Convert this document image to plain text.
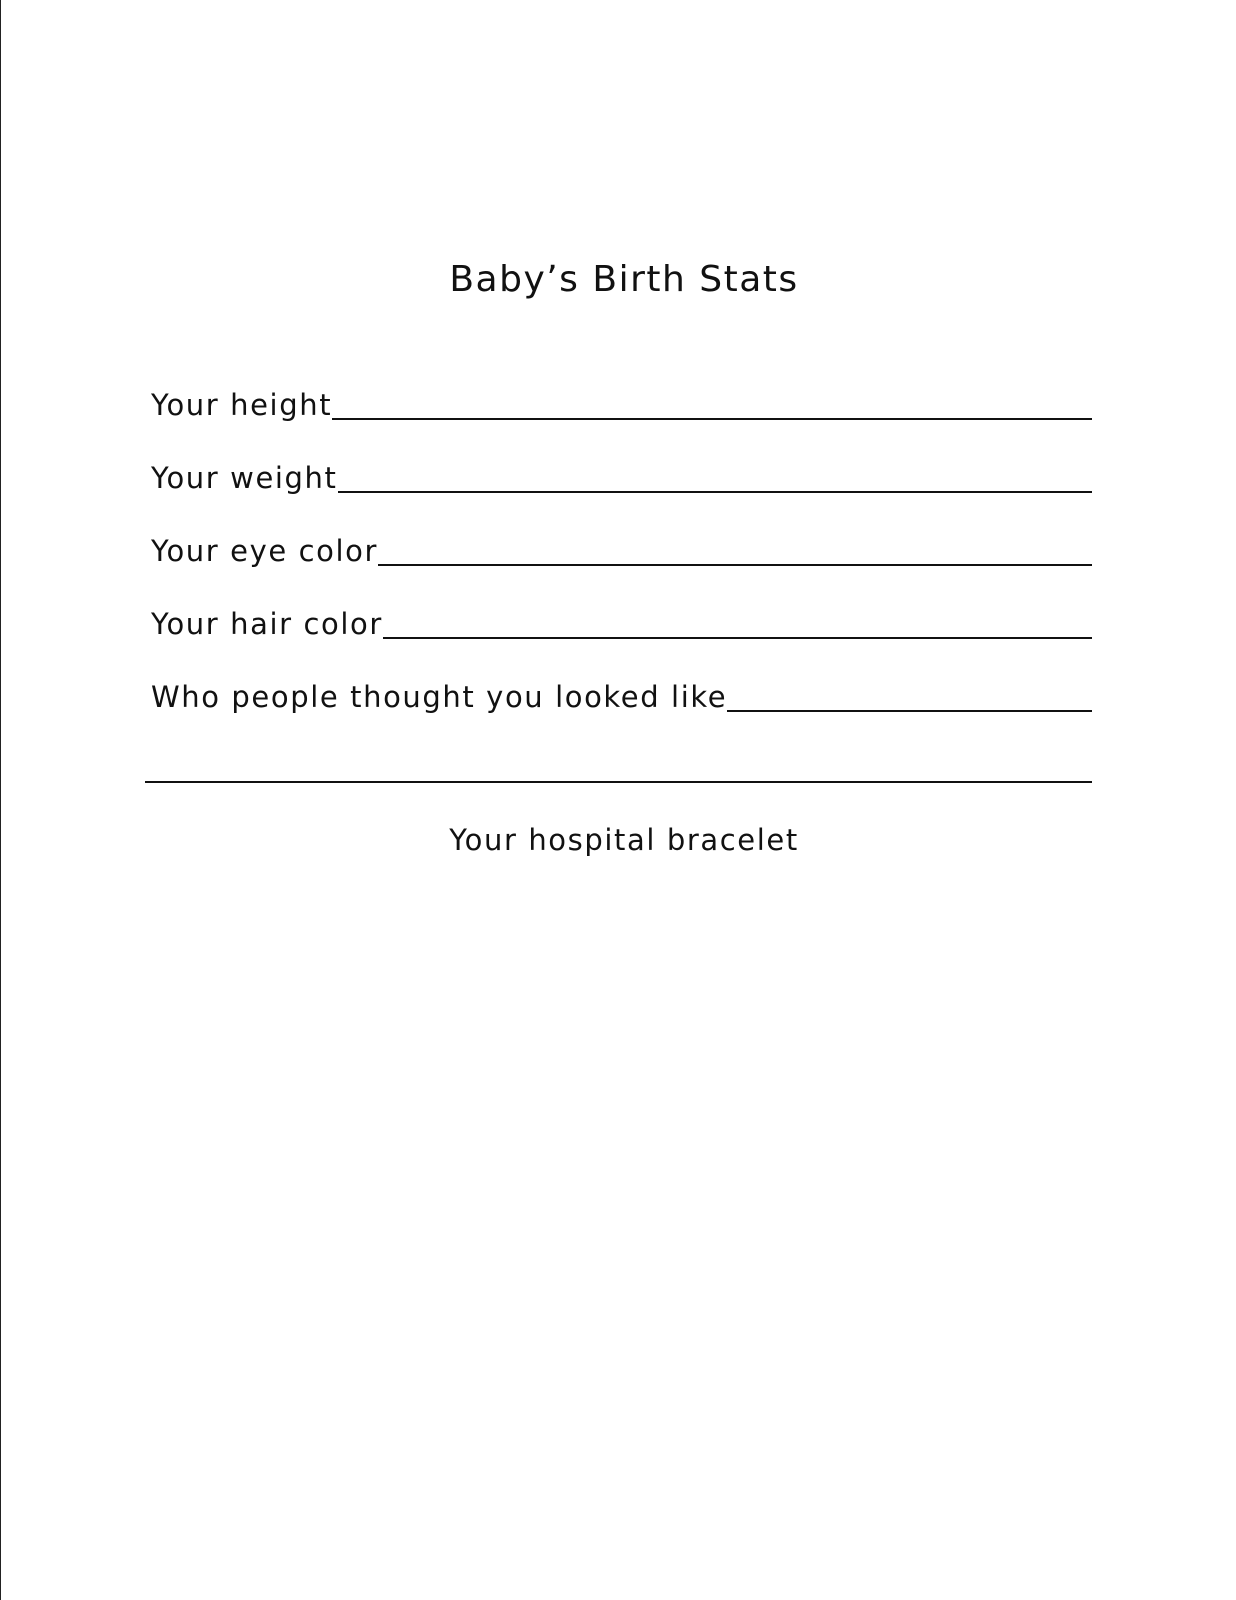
Baby’s Birth Stats
Your height
Your weight
Your eye color
Your hair color
Who people thought you looked like
Your hospital bracelet
